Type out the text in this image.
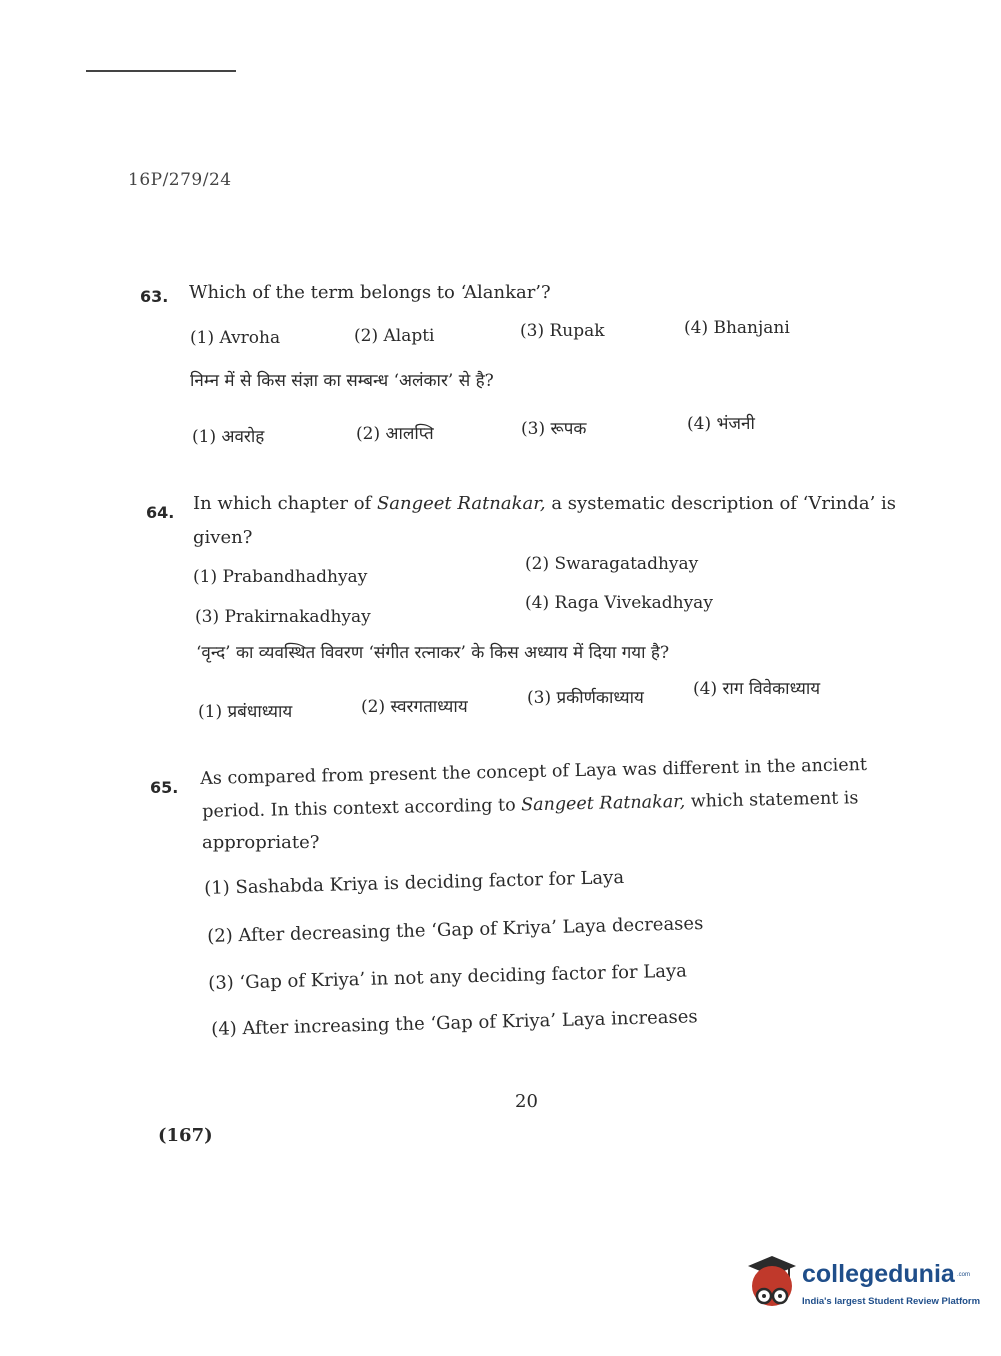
16P/279/24
63. Which of the term belongs to ‘Alankar’?
(1) Avroha	(2) Alapti	(3) Rupak	(4) Bhanjani
निम्न में से किस संज्ञा का सम्बन्ध ‘अलंकार’ से है?
(1) अवरोह	(2) आलप्ति	(3) रूपक	(4) भंजनी
64. In which chapter of Sangeet Ratnakar, a systematic description of ‘Vrinda’ is
given?
(1) Prabandhadhyay
(2) Swaragatadhyay
(3) Prakirnakadhyay
(4) Raga Vivekadhyay
‘वृन्द’ का व्यवस्थित विवरण ‘संगीत रत्नाकर’ के किस अध्याय में दिया गया है?
(1) प्रबंधाध्याय	(2) स्वरगताध्याय	(3) प्रकीर्णकाध्याय	(4) राग विवेकाध्याय
65. As compared from present the concept of Laya was different in the ancient
period. In this context according to Sangeet Ratnakar, which statement is
appropriate?
(1) Sashabda Kriya is deciding factor for Laya
(2) After decreasing the ‘Gap of Kriya’ Laya decreases
(3) ‘Gap of Kriya’ in not any deciding factor for Laya
(4) After increasing the ‘Gap of Kriya’ Laya increases
20
(167)
collegedunia .com
India's largest Student Review Platform
